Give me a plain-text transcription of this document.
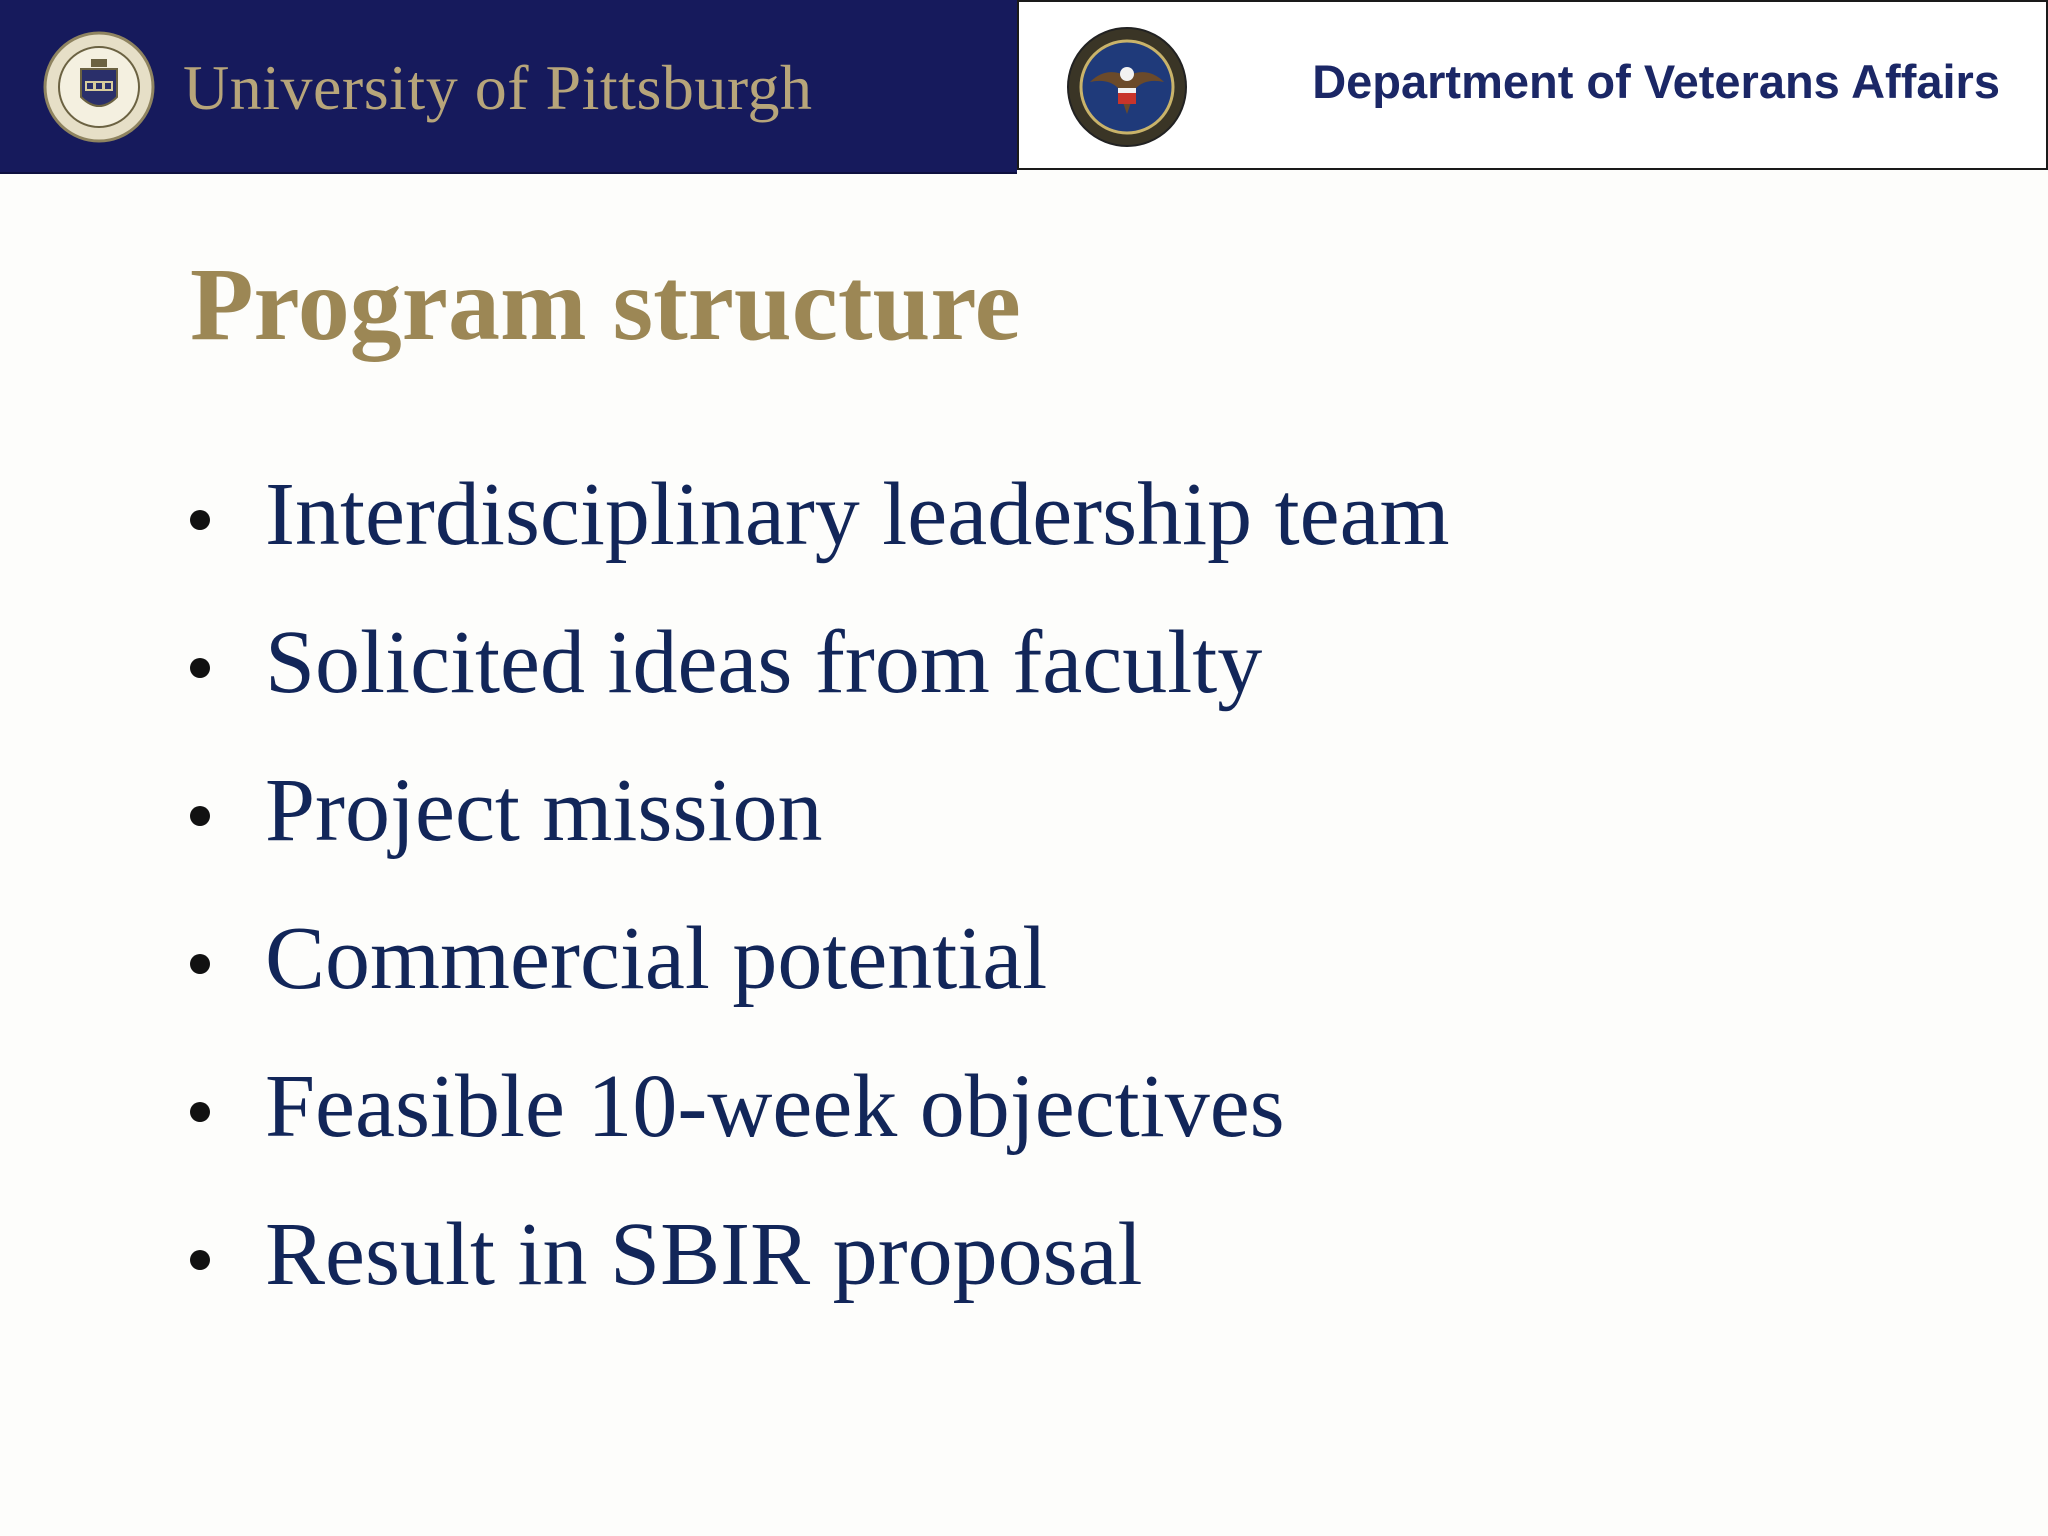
University of Pittsburgh	Department of Veterans Affairs
Program structure
Interdisciplinary leadership team
Solicited ideas from faculty
Project mission
Commercial potential
Feasible 10-week objectives
Result in SBIR proposal
